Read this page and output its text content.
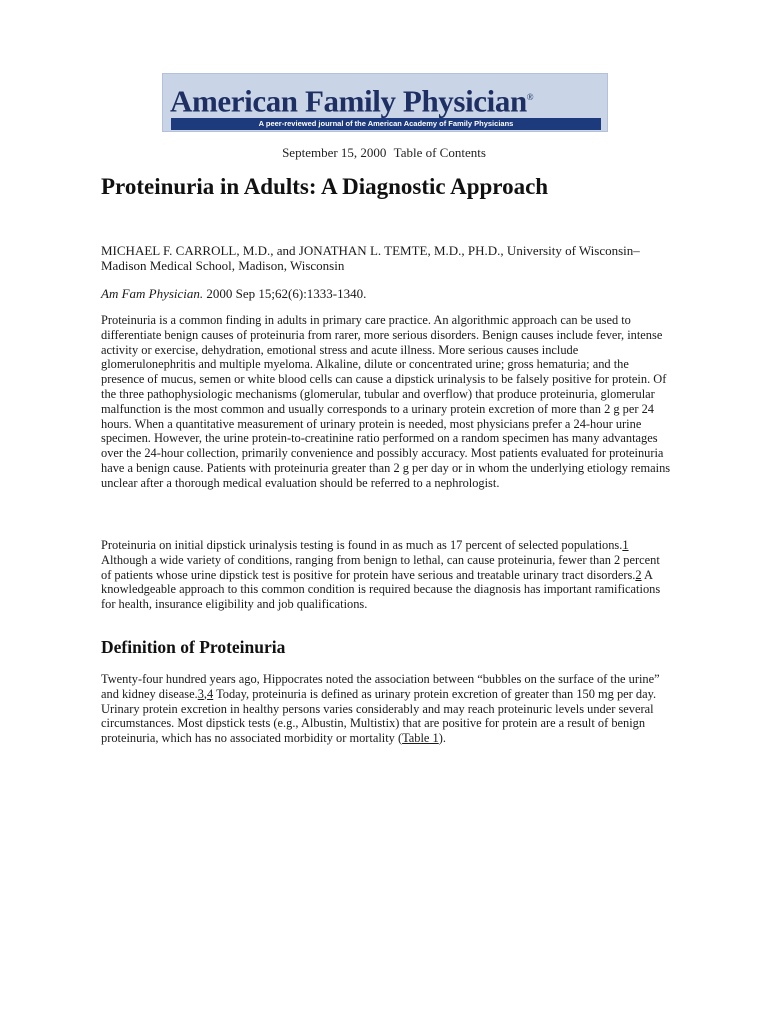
American Family Physician®
A peer-reviewed journal of the American Academy of Family Physicians
September 15, 2000 Table of Contents
Proteinuria in Adults: A Diagnostic Approach

MICHAEL F. CARROLL, M.D., and JONATHAN L. TEMTE, M.D., PH.D., University of Wisconsin–Madison Medical School, Madison, Wisconsin

Am Fam Physician. 2000 Sep 15;62(6):1333-1340.

Proteinuria is a common finding in adults in primary care practice. An algorithmic approach can be used to differentiate benign causes of proteinuria from rarer, more serious disorders. Benign causes include fever, intense activity or exercise, dehydration, emotional stress and acute illness. More serious causes include glomerulonephritis and multiple myeloma. Alkaline, dilute or concentrated urine; gross hematuria; and the presence of mucus, semen or white blood cells can cause a dipstick urinalysis to be falsely positive for protein. Of the three pathophysiologic mechanisms (glomerular, tubular and overflow) that produce proteinuria, glomerular malfunction is the most common and usually corresponds to a urinary protein excretion of more than 2 g per 24 hours. When a quantitative measurement of urinary protein is needed, most physicians prefer a 24-hour urine specimen. However, the urine protein-to-creatinine ratio performed on a random specimen has many advantages over the 24-hour collection, primarily convenience and possibly accuracy. Most patients evaluated for proteinuria have a benign cause. Patients with proteinuria greater than 2 g per day or in whom the underlying etiology remains unclear after a thorough medical evaluation should be referred to a nephrologist.

Proteinuria on initial dipstick urinalysis testing is found in as much as 17 percent of selected populations.1 Although a wide variety of conditions, ranging from benign to lethal, can cause proteinuria, fewer than 2 percent of patients whose urine dipstick test is positive for protein have serious and treatable urinary tract disorders.2 A knowledgeable approach to this common condition is required because the diagnosis has important ramifications for health, insurance eligibility and job qualifications.

Definition of Proteinuria

Twenty-four hundred years ago, Hippocrates noted the association between “bubbles on the surface of the urine” and kidney disease.3,4 Today, proteinuria is defined as urinary protein excretion of greater than 150 mg per day. Urinary protein excretion in healthy persons varies considerably and may reach proteinuric levels under several circumstances. Most dipstick tests (e.g., Albustin, Multistix) that are positive for protein are a result of benign proteinuria, which has no associated morbidity or mortality (Table 1).
